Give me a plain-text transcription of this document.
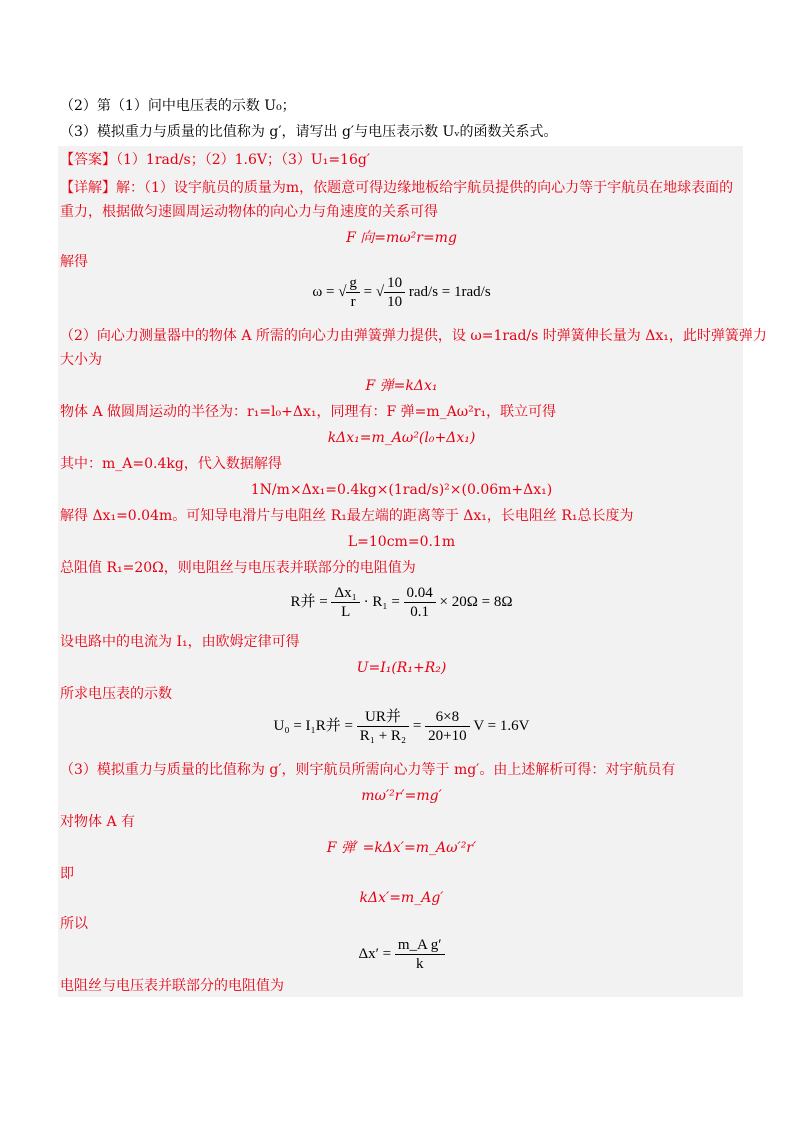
（2）第（1）问中电压表的示数 U₀；
（3）模拟重力与质量的比值称为 g′，请写出 g′与电压表示数 Uᵥ的函数关系式。
【答案】（1）1rad/s；（2）1.6V；（3）U₁=16g′
【详解】解：（1）设宇航员的质量为m，依题意可得边缘地板给宇航员提供的向心力等于宇航员在地球表面的
重力，根据做匀速圆周运动物体的向心力与角速度的关系可得
F 向=mω²r=mg
解得
ω = √ $\frac{g}{r}$ = √ $\frac{10}{10} rad/s = 1rad/s$
（2）向心力测量器中的物体 A 所需的向心力由弹簧弹力提供，设 ω=1rad/s 时弹簧伸长量为 Δx₁，此时弹簧弹力
大小为
F 弹=kΔx₁
物体 A 做圆周运动的半径为：r₁=l₀+Δx₁，同理有：F 弹=m_Aω²r₁，联立可得
kΔx₁=m_Aω²(l₀+Δx₁)
其中：m_A=0.4kg，代入数据解得
1N/m×Δx₁=0.4kg×(1rad/s)²×(0.06m+Δx₁)
解得 Δx₁=0.04m。可知导电滑片与电阻丝 R₁最左端的距离等于 Δx₁，长电阻丝 R₁总长度为
L=10cm=0.1m
总阻值 R₁=20Ω，则电阻丝与电压表并联部分的电阻值为
R并 = $\frac{\text{Δx₁}}{L} \cdot R_1 = \frac{0.04}{0.1} \times 20\Omega = 8\Omega$
设电路中的电流为 I₁，由欧姆定律可得
U=I₁(R₁+R₂)
所求电压表的示数
U₀ = I₁R并 = $\frac{\text{UR并}}{\text{R₁ + R₂}} = \frac{6\times 8}{20+10}$ V = 1.6V
（3）模拟重力与质量的比值称为 g′，则宇航员所需向心力等于 mg′。由上述解析可得：对宇航员有
mω′²r′=mg′
对物体 A 有
F 弹′ =kΔx′=m_Aω′²r′
即
kΔx′=m_Ag′
所以
$\Delta x' = \frac{\text{m\_A g′}}{k}$
电阻丝与电压表并联部分的电阻值为
